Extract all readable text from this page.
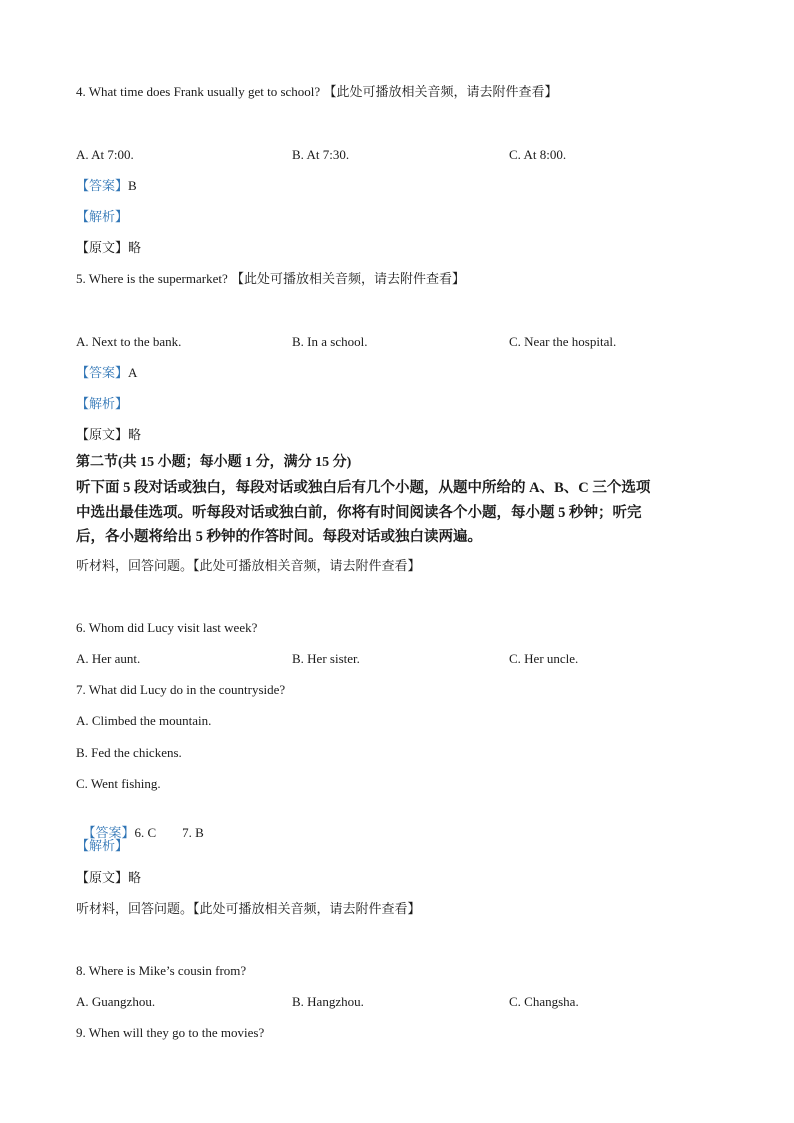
4. What time does Frank usually get to school? 【此处可播放相关音频，请去附件查看】
A. At 7:00.	B. At 7:30.	C. At 8:00.
【答案】B
【解析】
【原文】略
5. Where is the supermarket? 【此处可播放相关音频，请去附件查看】
A. Next to the bank.	B. In a school.	C. Near the hospital.
【答案】A
【解析】
【原文】略
第二节(共 15 小题；每小题 1 分，满分 15 分)
听下面 5 段对话或独白，每段对话或独白后有几个小题，从题中所给的 A、B、C 三个选项
中选出最佳选项。听每段对话或独白前，你将有时间阅读各个小题，每小题 5 秒钟；听完
后，各小题将给出 5 秒钟的作答时间。每段对话或独白读两遍。
听材料，回答问题。【此处可播放相关音频，请去附件查看】
6. Whom did Lucy visit last week?
A. Her aunt.	B. Her sister.	C. Her uncle.
7. What did Lucy do in the countryside?
A. Climbed the mountain.
B. Fed the chickens.
C. Went fishing.

【答案】6. C        7. B

【解析】
【原文】略
听材料，回答问题。【此处可播放相关音频，请去附件查看】
8. Where is Mike’s cousin from?
A. Guangzhou.	B. Hangzhou.	C. Changsha.
9. When will they go to the movies?
